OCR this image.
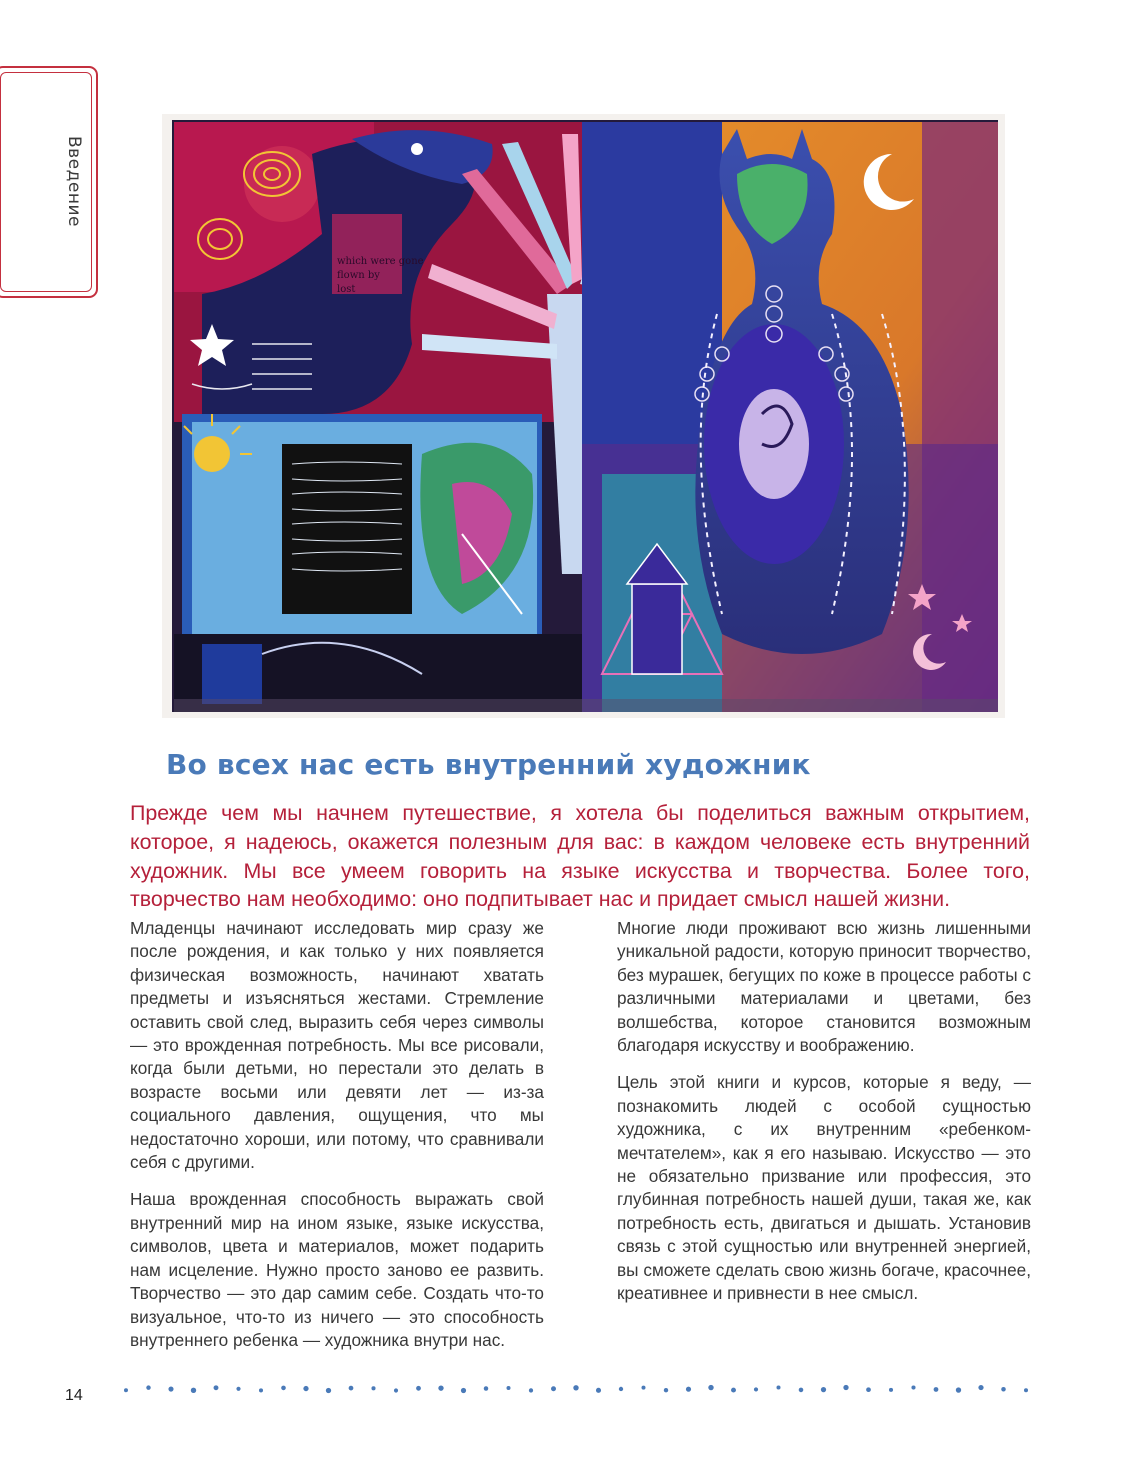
Введение
which were gone
flown by
lost
Во всех нас есть внутренний художник

Прежде чем мы начнем путешествие, я хотела бы поделиться важным открытием, которое, я надеюсь, окажется полезным для вас: в каждом человеке есть внутренний художник. Мы все умеем говорить на языке искусства и творчества. Более того, творчество нам необходимо: оно подпитывает нас и придает смысл нашей жизни.

Младенцы начинают исследовать мир сразу же после рождения, и как только у них появляется физическая возможность, начинают хватать предметы и изъясняться жестами. Стремление оставить свой след, выразить себя через символы — это врожденная потребность. Мы все рисовали, когда были детьми, но перестали это делать в возрасте восьми или девяти лет — из-за социального давления, ощущения, что мы недостаточно хороши, или потому, что сравнивали себя с другими.

Наша врожденная способность выражать свой внутренний мир на ином языке, языке искусства, символов, цвета и материалов, может подарить нам исцеление. Нужно просто заново ее развить. Творчество — это дар самим себе. Создать что-то визуальное, что-то из ничего — это способность внутреннего ребенка — художника внутри нас.

Многие люди проживают всю жизнь лишенными уникальной радости, которую приносит творчество, без мурашек, бегущих по коже в процессе работы с различными материалами и цветами, без волшебства, которое становится возможным благодаря искусству и воображению.

Цель этой книги и курсов, которые я веду, — познакомить людей с особой сущностью художника, с их внутренним «ребенком-мечтателем», как я его называю. Искусство — это не обязательно призвание или профессия, это глубинная потребность нашей души, такая же, как потребность есть, двигаться и дышать. Установив связь с этой сущностью или внутренней энергией, вы сможете сделать свою жизнь богаче, красочнее, креативнее и привнести в нее смысл.

14
